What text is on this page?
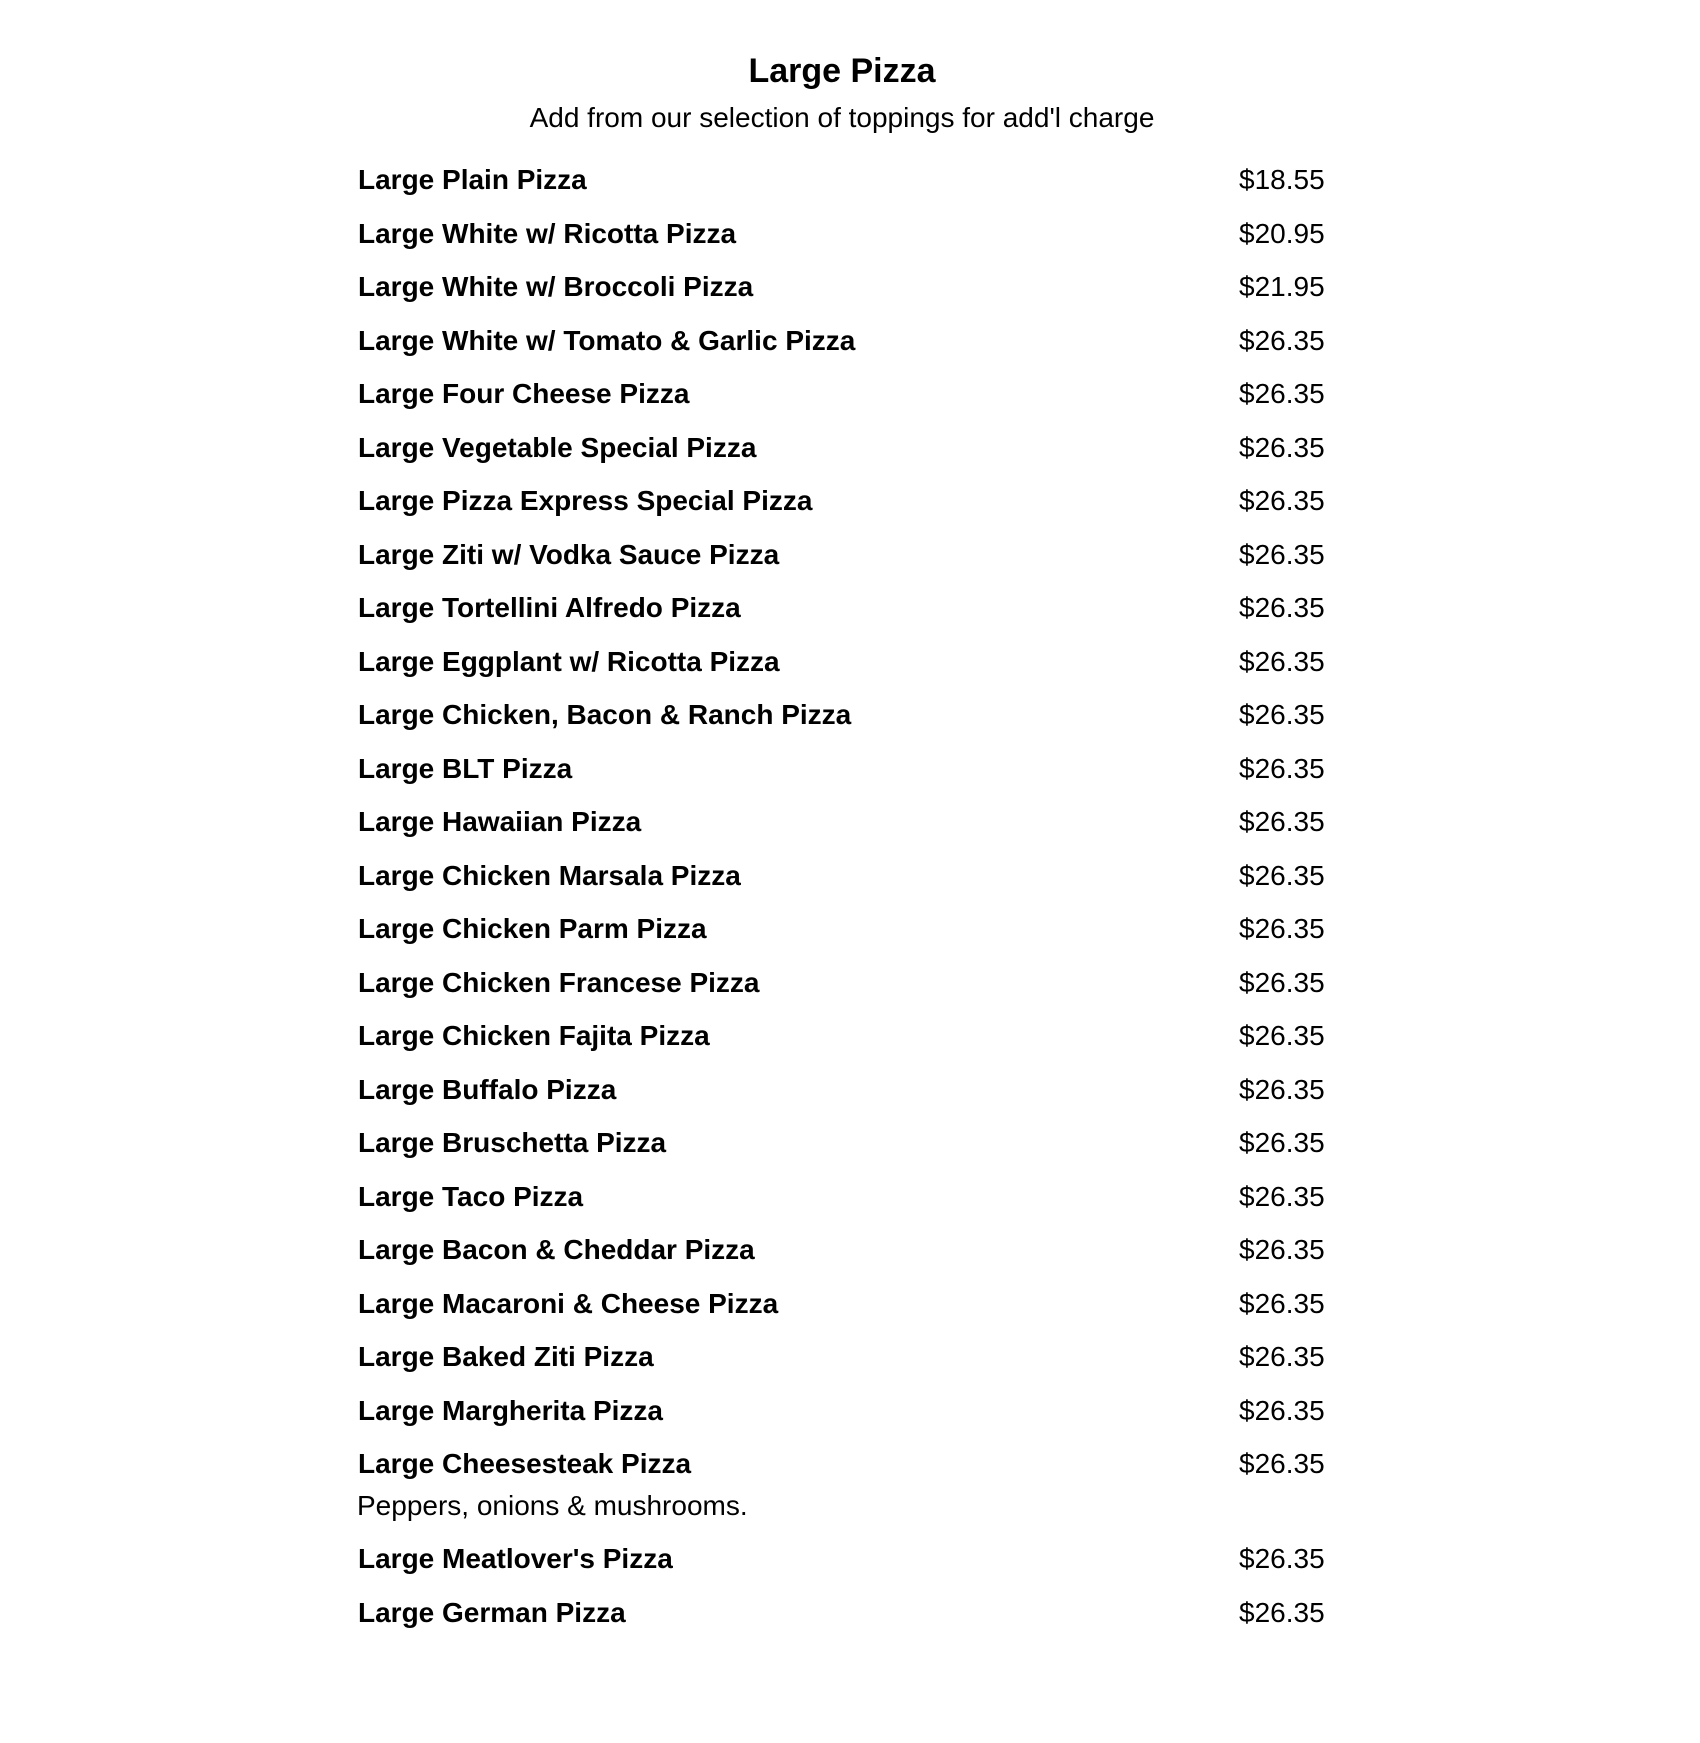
Large Pizza
Add from our selection of toppings for add'l charge
Large Plain Pizza	$18.55
Large White w/ Ricotta Pizza	$20.95
Large White w/ Broccoli Pizza	$21.95
Large White w/ Tomato & Garlic Pizza	$26.35
Large Four Cheese Pizza	$26.35
Large Vegetable Special Pizza	$26.35
Large Pizza Express Special Pizza	$26.35
Large Ziti w/ Vodka Sauce Pizza	$26.35
Large Tortellini Alfredo Pizza	$26.35
Large Eggplant w/ Ricotta Pizza	$26.35
Large Chicken, Bacon & Ranch Pizza	$26.35
Large BLT Pizza	$26.35
Large Hawaiian Pizza	$26.35
Large Chicken Marsala Pizza	$26.35
Large Chicken Parm Pizza	$26.35
Large Chicken Francese Pizza	$26.35
Large Chicken Fajita Pizza	$26.35
Large Buffalo Pizza	$26.35
Large Bruschetta Pizza	$26.35
Large Taco Pizza	$26.35
Large Bacon & Cheddar Pizza	$26.35
Large Macaroni & Cheese Pizza	$26.35
Large Baked Ziti Pizza	$26.35
Large Margherita Pizza	$26.35
Large Cheesesteak Pizza	$26.35
Peppers, onions & mushrooms.
Large Meatlover's Pizza	$26.35
Large German Pizza	$26.35
